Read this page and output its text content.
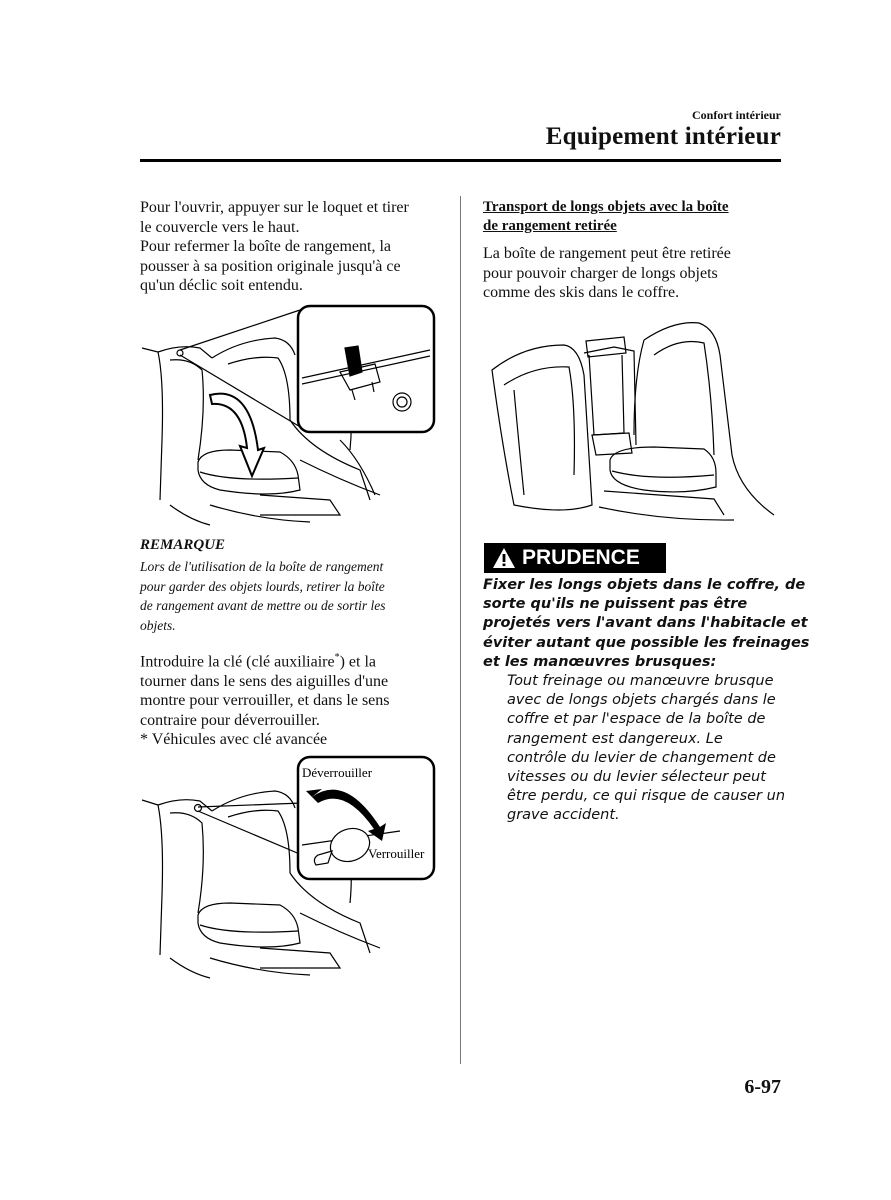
Confort intérieur
Equipement intérieur
Pour l'ouvrir, appuyer sur le loquet et tirer
le couvercle vers le haut.
Pour refermer la boîte de rangement, la
pousser à sa position originale jusqu'à ce
qu'un déclic soit entendu.
REMARQUE
Lors de l'utilisation de la boîte de rangement
pour garder des objets lourds, retirer la boîte
de rangement avant de mettre ou de sortir les
objets.
Introduire la clé (clé auxiliaire*) et la
tourner dans le sens des aiguilles d'une
montre pour verrouiller, et dans le sens
contraire pour déverrouiller.
* Véhicules avec clé avancée
Déverrouiller
Verrouiller
Transport de longs objets avec la boîte
de rangement retirée
La boîte de rangement peut être retirée
pour pouvoir charger de longs objets
comme des skis dans le coffre.
PRUDENCE
Fixer les longs objets dans le coffre, de
sorte qu'ils ne puissent pas être
projetés vers l'avant dans l'habitacle et
éviter autant que possible les freinages
et les manœuvres brusques:
Tout freinage ou manœuvre brusque
avec de longs objets chargés dans le
coffre et par l'espace de la boîte de
rangement est dangereux. Le
contrôle du levier de changement de
vitesses ou du levier sélecteur peut
être perdu, ce qui risque de causer un
grave accident.
6-97
